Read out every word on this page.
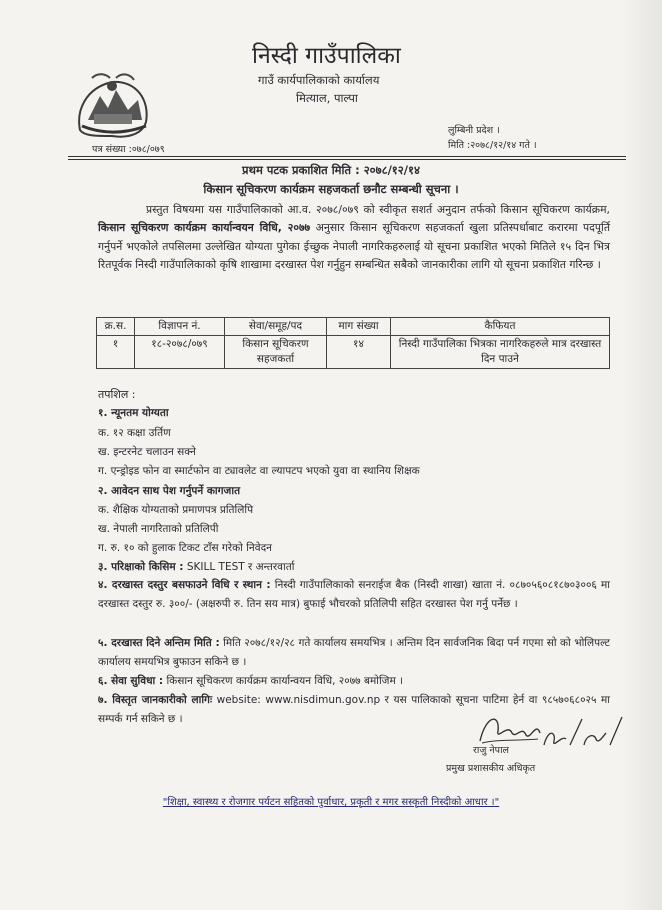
निस्दी गाउँपालिका
गाउँ कार्यपालिकाको कार्यालय
मित्याल, पाल्पा
पत्र संख्या :०७८/०७९
लुम्बिनी प्रदेश ।
मिति :२०७८/१२/१४ गते ।
प्रथम पटक प्रकाशित मिति : २०७८/१२/१४
किसान सूचिकरण कार्यक्रम सहजकर्ता छनौट सम्बन्धी सूचना ।
प्रस्तुत विषयमा यस गाउँपालिकाको आ.व. २०७८/०७९ को स्वीकृत सशर्त अनुदान तर्फको किसान सूचिकरण कार्यक्रम, किसान सूचिकरण कार्यक्रम कार्यान्वयन विधि, २०७७ अनुसार किसान सूचिकरण सहजकर्ता खुला प्रतिस्पर्धाबाट करारमा पदपूर्ति गर्नुपर्ने भएकोले तपसिलमा उल्लेखित योग्यता पुगेका ईच्छुक नेपाली नागरिकहरुलाई यो सूचना प्रकाशित भएको मितिले १५ दिन भित्र रितपूर्वक निस्दी गाउँपालिकाको कृषि शाखामा दरखास्त पेश गर्नुहुन सम्बन्धित सबैको जानकारीका लागि यो सूचना प्रकाशित गरिन्छ ।
क्र.स.	विज्ञापन नं.	सेवा/समूह/पद	माग संख्या	कैफियत
१	१८-२०७८/०७९	किसान सूचिकरण सहजकर्ता	१४	निस्दी गाउँपालिका भित्रका नागरिकहरुले मात्र दरखास्त दिन पाउने
तपशिल :
१. न्यूनतम योग्यता
क. १२ कक्षा उर्तिण
ख. इन्टरनेट चलाउन सक्ने
ग. एन्ड्रोइड फोन वा स्मार्टफोन वा ट्यावलेट वा ल्यापटप भएको युवा वा स्थानिय शिक्षक
२. आवेदन साथ पेश गर्नुपर्ने कागजात
क. शैक्षिक योग्यताको प्रमाणपत्र प्रतिलिपि
ख. नेपाली नागरिताको प्रतिलिपी
ग. रु. १० को हुलाक टिकट टाँस गरेको निवेदन
३. परिक्षाको किसिम : SKILL TEST र अन्तरवार्ता
४. दरखास्त दस्तुर बसफाउने विधि र स्थान : निस्दी गाउँपालिकाको सनराईज बैक (निस्दी शाखा) खाता नं. ०८७०५६०८१८७०३००६ मा दरखास्त दस्तुर रु. ३००/- (अक्षरुपी रु. तिन सय मात्र) बुफाई भौचरको प्रतिलिपी सहित दरखास्त पेश गर्नु पर्नेछ ।
५. दरखास्त दिने अन्तिम मिति : मिति २०७८/१२/२८ गते कार्यालय समयभित्र । अन्तिम दिन सार्वजनिक बिदा पर्न गएमा सो को भोलिपल्ट कार्यालय समयभित्र बुफाउन सकिने छ ।
६. सेवा सुविधा : किसान सूचिकरण कार्यक्रम कार्यान्वयन विधि, २०७७ बमोजिम ।
७. विस्तृत जानकारीको लागिः website: www.nisdimun.gov.np र यस पालिकाको सूचना पाटिमा हेर्न वा ९८५७०६८०२५ मा सम्पर्क गर्न सकिने छ ।
राजु नेपाल
प्रमुख प्रशासकीय अधिकृत
"शिक्षा, स्वास्थ्य र रोजगार पर्यटन सहितको पुर्वाधार, प्रकृती र मगर सस्कृती निस्दीको आधार ।"
